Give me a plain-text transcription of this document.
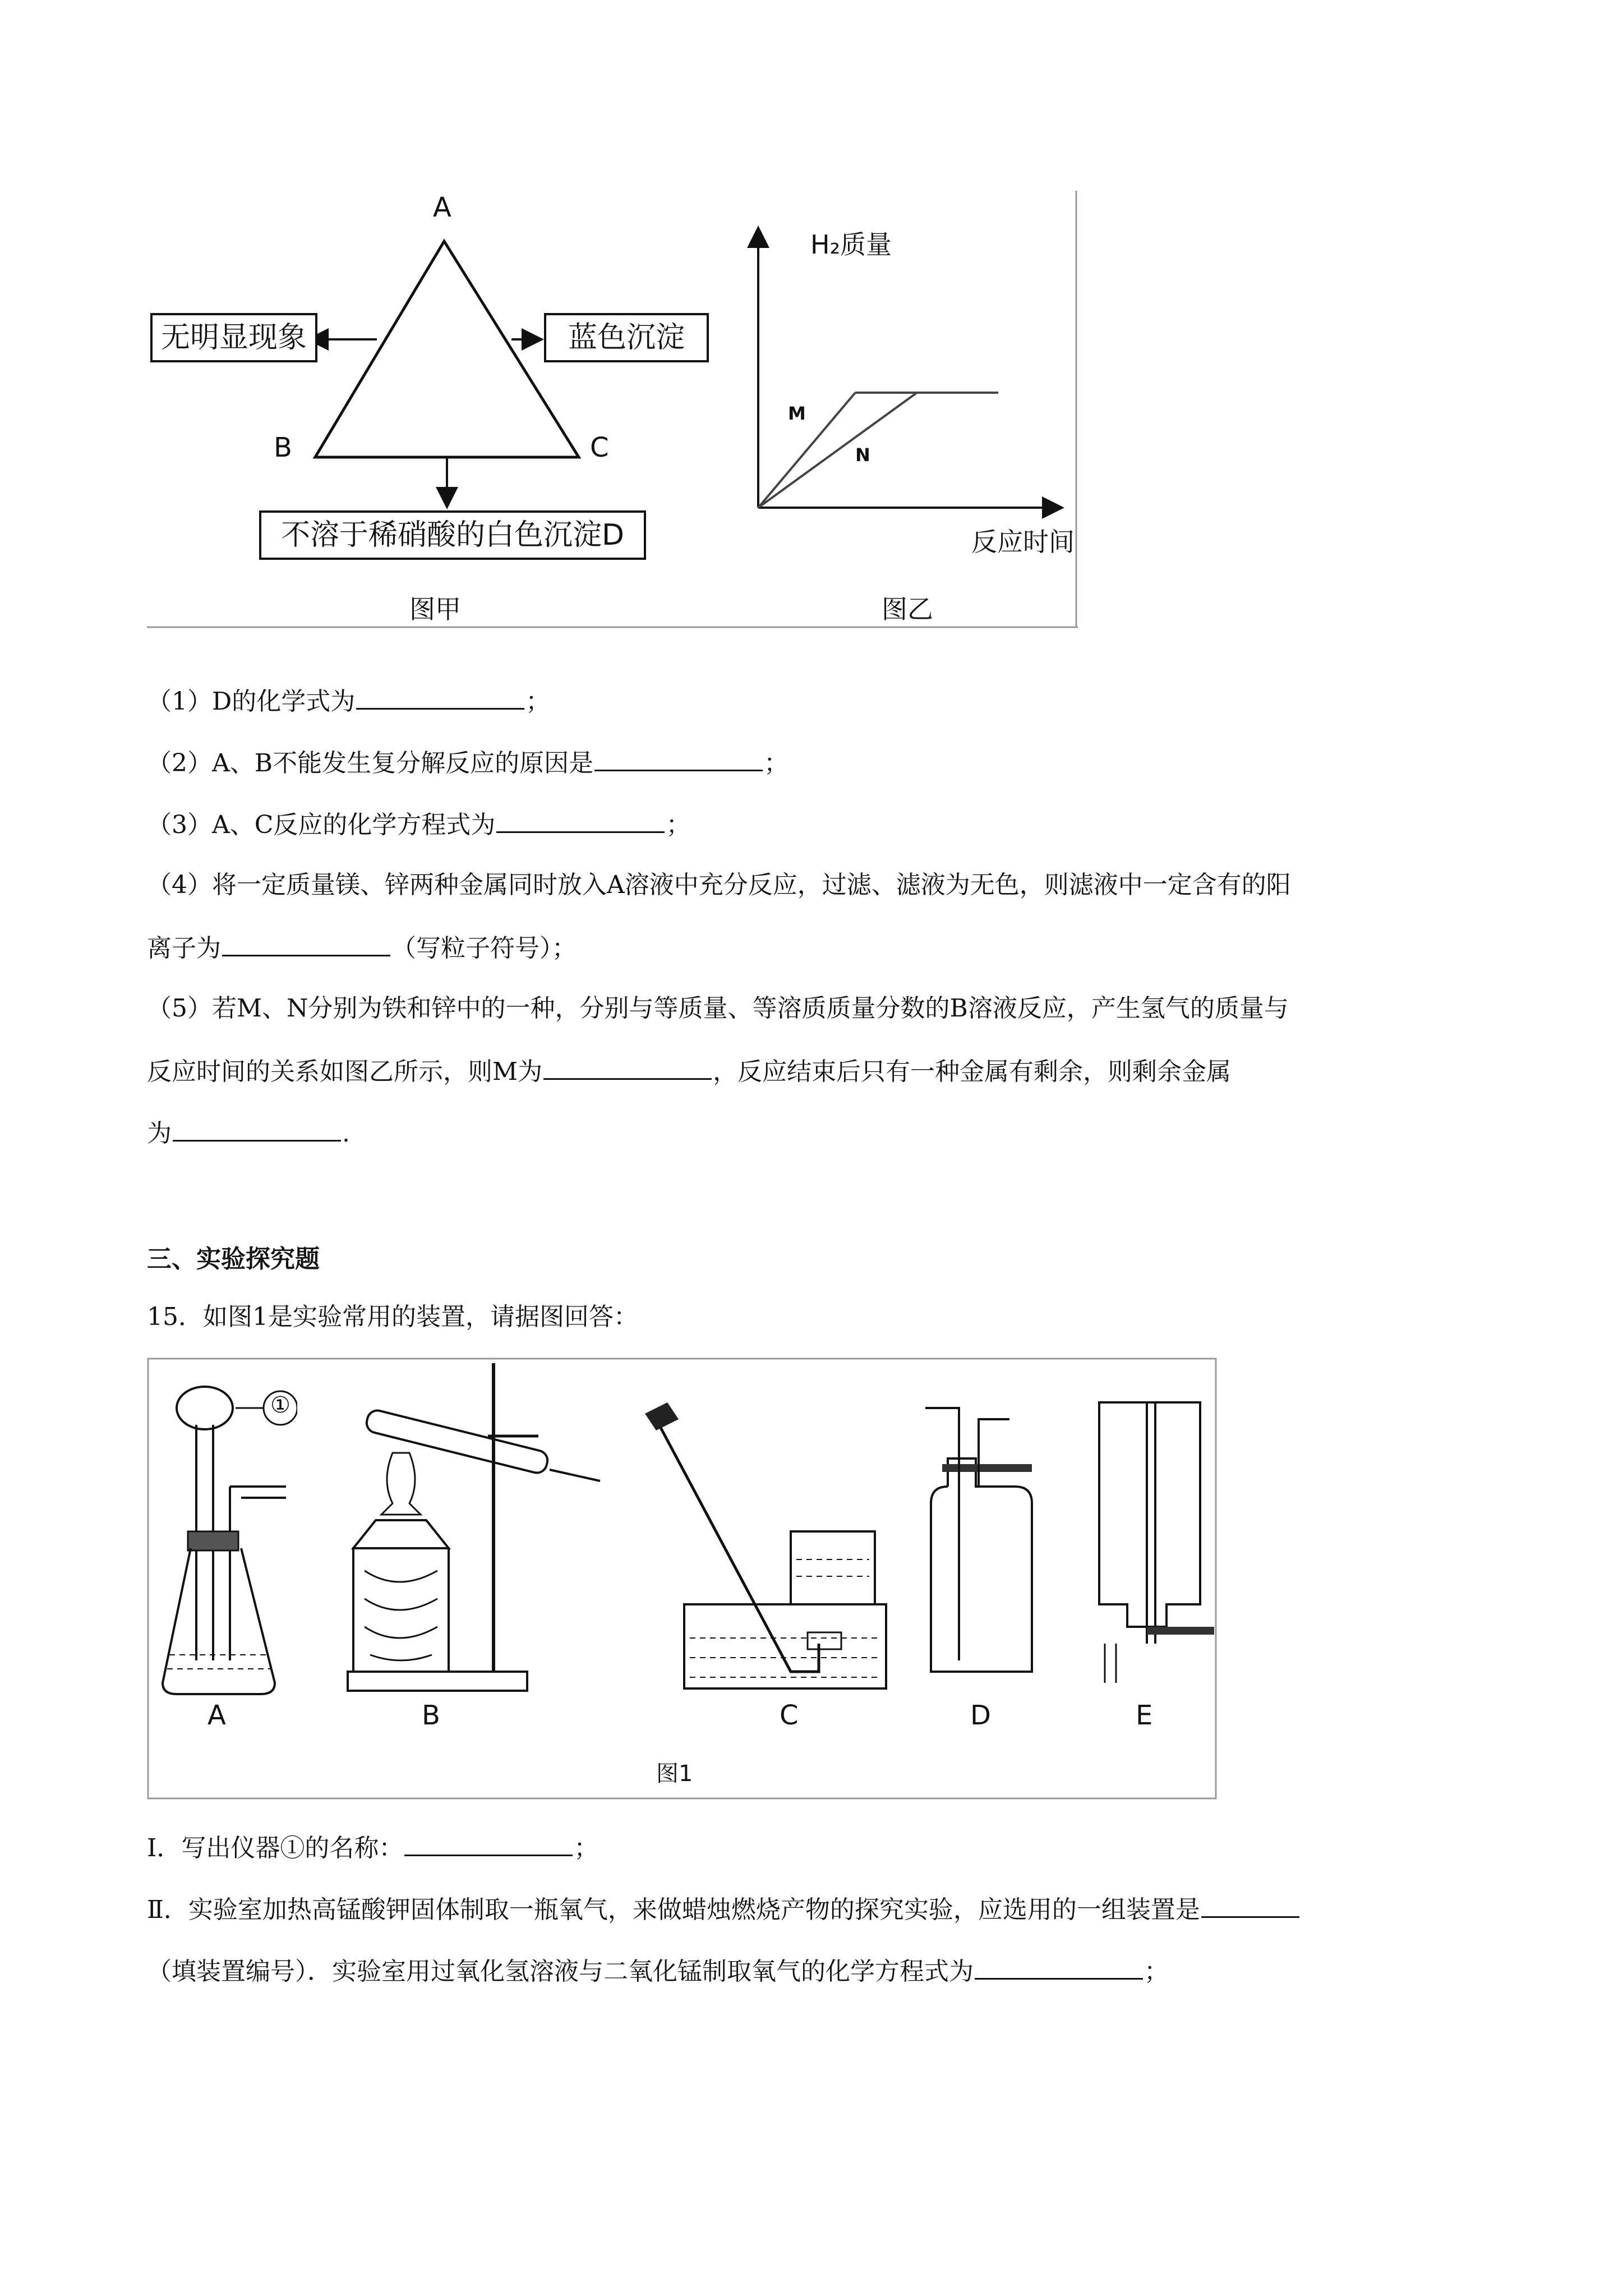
A
B	C
无明显现象	蓝色沉淀
不溶于稀硝酸的白色沉淀D
图甲
H₂质量
反应时间
M
N
图乙
（1）D的化学式为	；
（2）A、B不能发生复分解反应的原因是	；
（3）A、C反应的化学方程式为	；
（4）将一定质量镁、锌两种金属同时放入A溶液中充分反应，过滤、滤液为无色，则滤液中一定含有的阳
离子为	（写粒子符号）；
（5）若M、N分别为铁和锌中的一种，分别与等质量、等溶质质量分数的B溶液反应，产生氢气的质量与
反应时间的关系如图乙所示，则M为	，反应结束后只有一种金属有剩余，则剩余金属
为	.
三、实验探究题
15．如图1是实验常用的装置，请据图回答：
①
A	B	C	D	E
图1
Ⅰ．写出仪器①的名称：	；
Ⅱ．实验室加热高锰酸钾固体制取一瓶氧气，来做蜡烛燃烧产物的探究实验，应选用的一组装置是
（填装置编号）．实验室用过氧化氢溶液与二氧化锰制取氧气的化学方程式为	；
